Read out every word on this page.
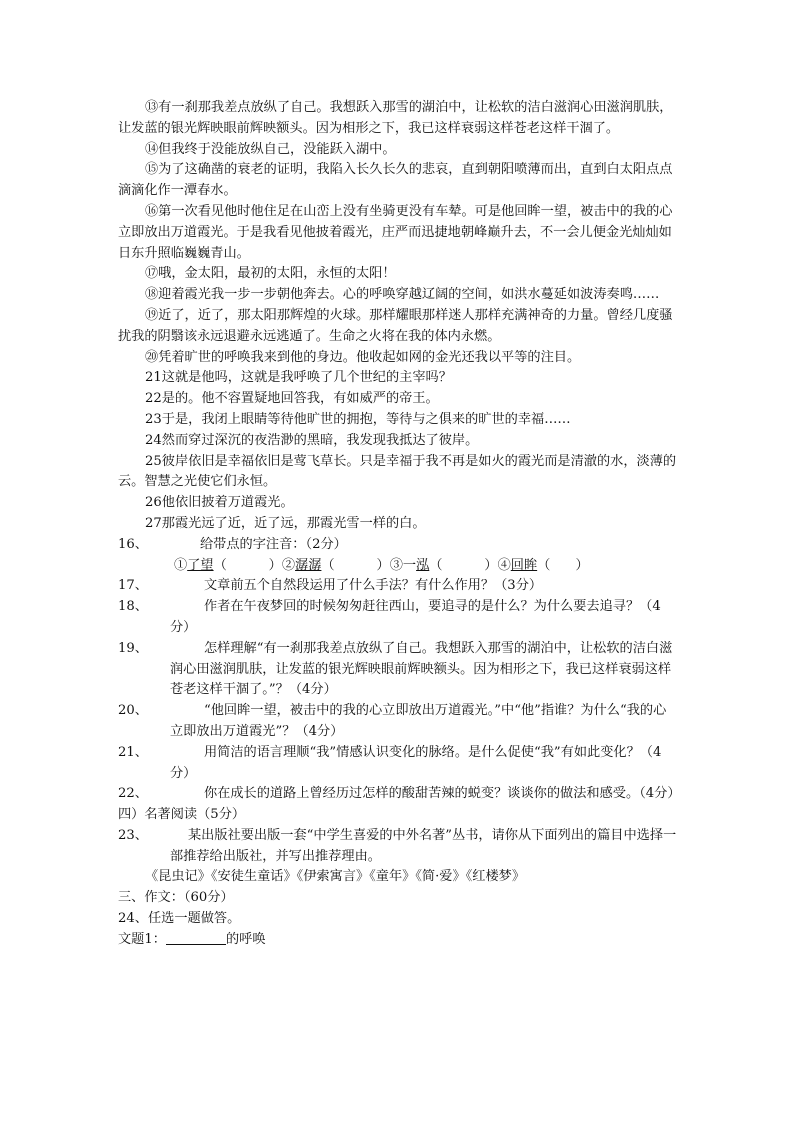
⑬有一刹那我差点放纵了自己。我想跃入那雪的湖泊中，让松软的洁白滋润心田滋润肌肤，让发蓝的银光辉映眼前辉映额头。因为相形之下，我已这样衰弱这样苍老这样干涸了。

⑭但我终于没能放纵自己，没能跃入湖中。

⑮为了这确凿的衰老的证明，我陷入长久长久的悲哀，直到朝阳喷薄而出，直到白太阳点点滴滴化作一潭春水。

⑯第一次看见他时他住足在山峦上没有坐骑更没有车辇。可是他回眸一望，被击中的我的心立即放出万道霞光。于是我看见他披着霞光，庄严而迅捷地朝峰巅升去，不一会儿便金光灿灿如日东升照临巍巍青山。

⑰哦，金太阳，最初的太阳，永恒的太阳！

⑱迎着霞光我一步一步朝他奔去。心的呼唤穿越辽阔的空间，如洪水蔓延如波涛奏鸣……

⑲近了，近了，那太阳那辉煌的火球。那样耀眼那样迷人那样充满神奇的力量。曾经几度骚扰我的阴翳该永远退避永远逃遁了。生命之火将在我的体内永燃。

⑳凭着旷世的呼唤我来到他的身边。他收起如网的金光还我以平等的注目。

21这就是他吗，这就是我呼唤了几个世纪的主宰吗？

22是的。他不容置疑地回答我，有如威严的帝王。

23于是，我闭上眼睛等待他旷世的拥抱，等待与之俱来的旷世的幸福……

24然而穿过深沉的夜浩渺的黑暗，我发现我抵达了彼岸。

25彼岸依旧是幸福依旧是莺飞草长。只是幸福于我不再是如火的霞光而是清澈的水，淡薄的云。智慧之光使它们永恒。

26他依旧披着万道霞光。

27那霞光远了近，近了远，那霞光雪一样的白。

16、	给带点的字注音：（2分）

①了望（          ）②潺潺（          ）③一泓（          ）④回眸（      ）

17、	文章前五个自然段运用了什么手法？有什么作用？（3分）
18、	作者在午夜梦回的时候匆匆赶往西山，要追寻的是什么？为什么要去追寻？（4分）
19、	怎样理解“有一刹那我差点放纵了自己。我想跃入那雪的湖泊中，让松软的洁白滋润心田滋润肌肤，让发蓝的银光辉映眼前辉映额头。因为相形之下，我已这样衰弱这样苍老这样干涸了。”？（4分）
20、	“他回眸一望，被击中的我的心立即放出万道霞光。”中“他”指谁？为什么“我的心立即放出万道霞光”？（4分）
21、	用简洁的语言理顺“我”情感认识变化的脉络。是什么促使“我”有如此变化？（4分）
22、	你在成长的道路上曾经历过怎样的酸甜苦辣的蜕变？谈谈你的做法和感受。（4分）

四）名著阅读（5分）

23、	某出版社要出版一套“中学生喜爱的中外名著”丛书，请你从下面列出的篇目中选择一部推荐给出版社，并写出推荐理由。

《昆虫记》《安徒生童话》《伊索寓言》《童年》《简·爱》《红楼梦》

三、作文：（60分）

24、任选一题做答。

文题1：	的呼唤
